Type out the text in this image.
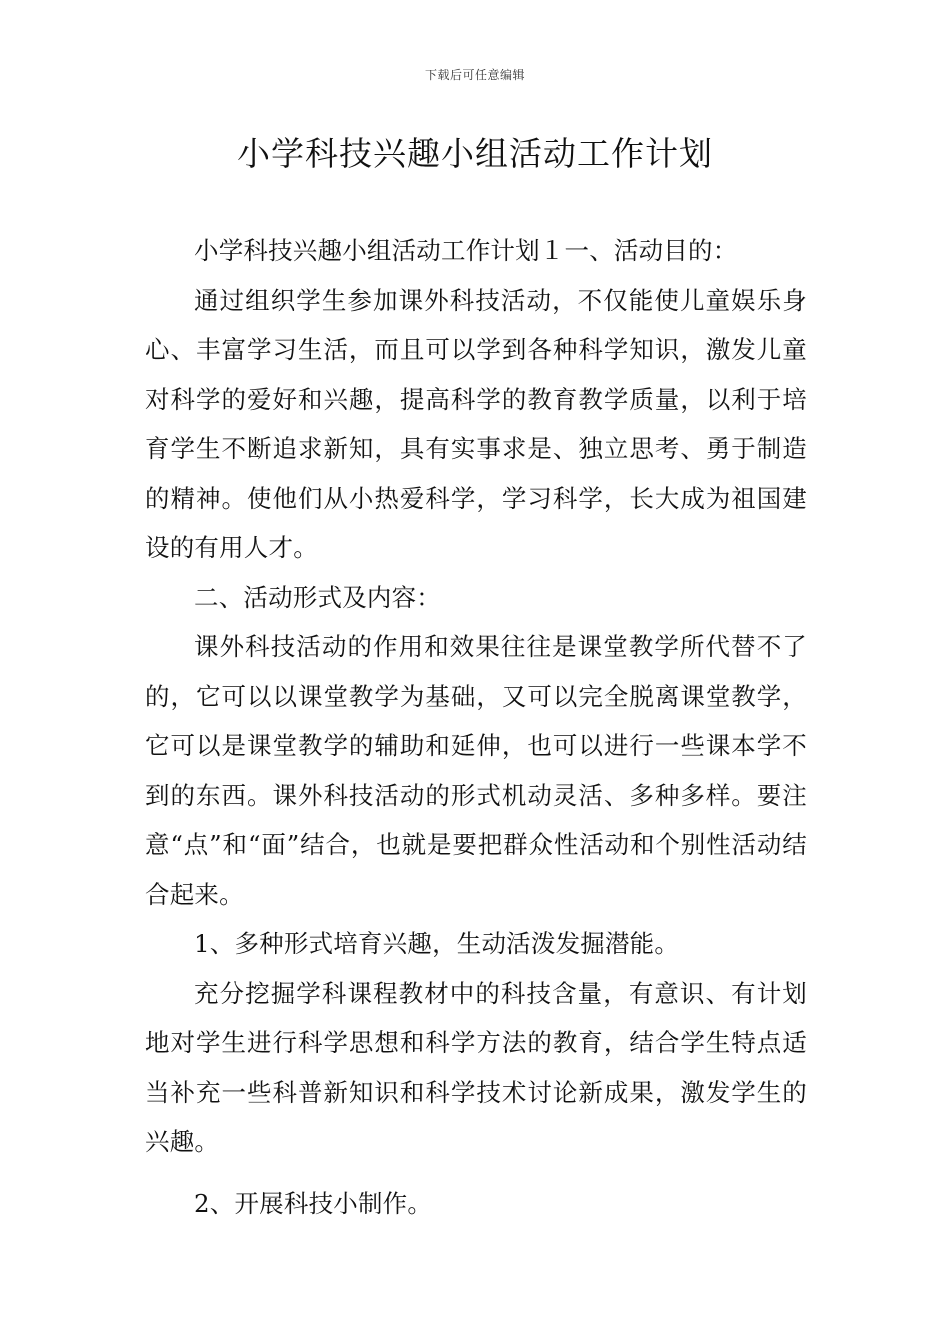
下载后可任意编辑
小学科技兴趣小组活动工作计划

小学科技兴趣小组活动工作计划１一、活动目的：

通过组织学生参加课外科技活动，不仅能使儿童娱乐身心、丰富学习生活，而且可以学到各种科学知识，激发儿童对科学的爱好和兴趣，提高科学的教育教学质量，以利于培育学生不断追求新知，具有实事求是、独立思考、勇于制造的精神。使他们从小热爱科学，学习科学，长大成为祖国建设的有用人才。

二、活动形式及内容：

课外科技活动的作用和效果往往是课堂教学所代替不了的，它可以以课堂教学为基础，又可以完全脱离课堂教学，它可以是课堂教学的辅助和延伸，也可以进行一些课本学不到的东西。课外科技活动的形式机动灵活、多种多样。要注意“点”和“面”结合，也就是要把群众性活动和个别性活动结合起来。

1、多种形式培育兴趣，生动活泼发掘潜能。

充分挖掘学科课程教材中的科技含量，有意识、有计划地对学生进行科学思想和科学方法的教育，结合学生特点适当补充一些科普新知识和科学技术讨论新成果，激发学生的兴趣。

2、开展科技小制作。
